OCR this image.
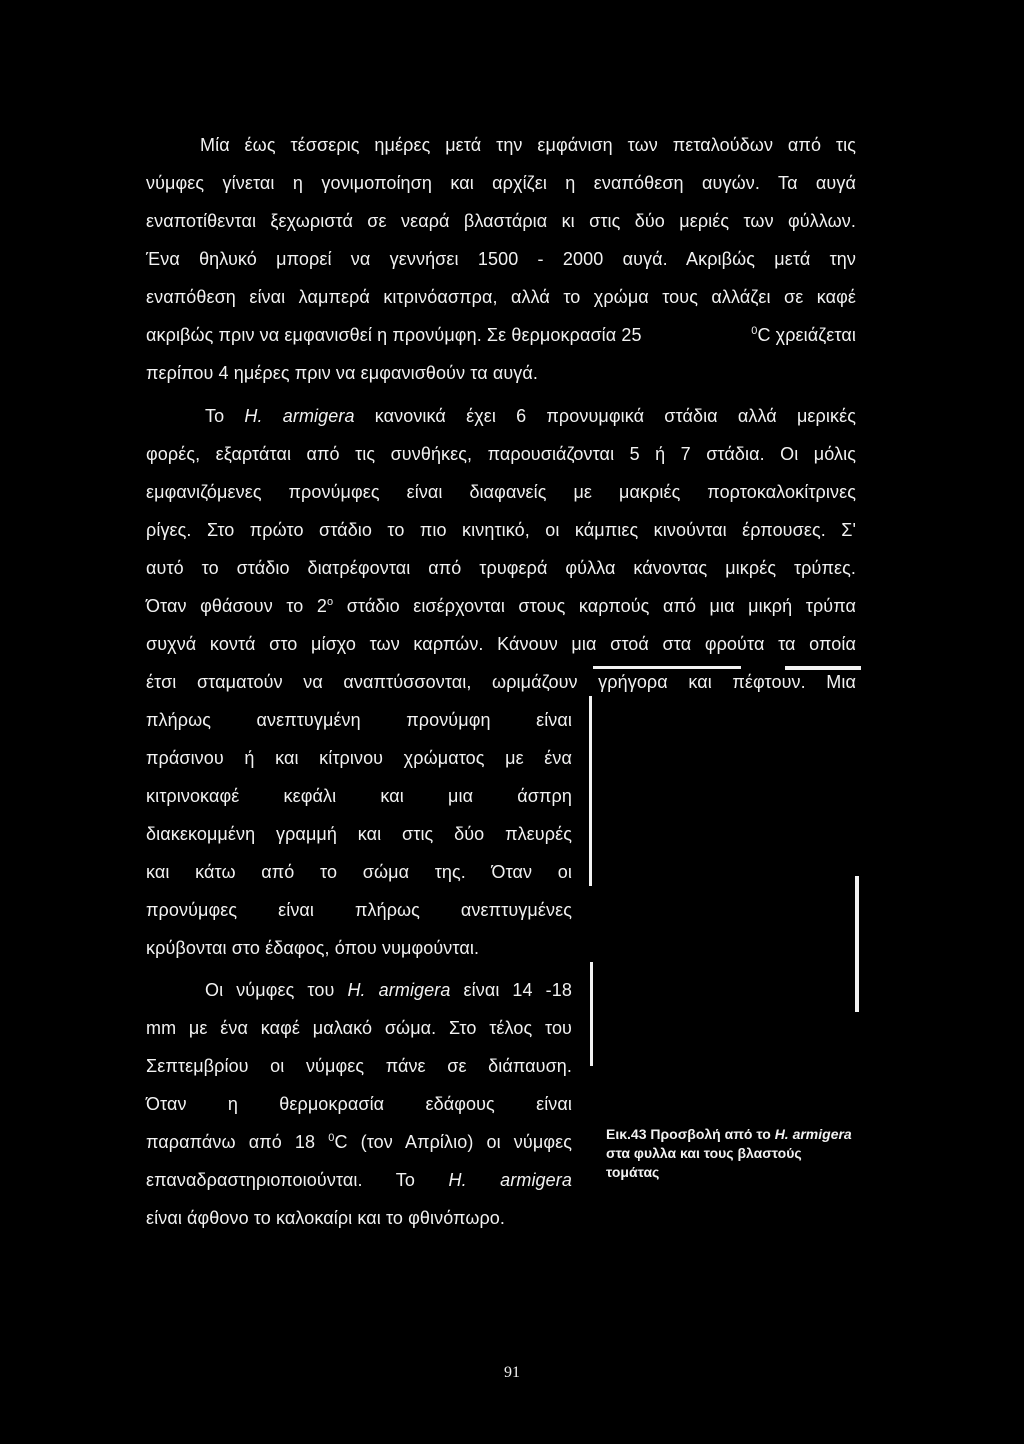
Μία έως τέσσερις ημέρες μετά την εμφάνιση των πεταλούδων από τις
νύμφες γίνεται η γονιμοποίηση και αρχίζει η εναπόθεση αυγών. Τα αυγά
εναποτίθενται ξεχωριστά σε νεαρά βλαστάρια κι στις δύο μεριές των φύλλων.
Ένα θηλυκό μπορεί να γεννήσει 1500 - 2000 αυγά. Ακριβώς μετά την
εναπόθεση είναι λαμπερά κιτρινόασπρα, αλλά το χρώμα τους αλλάζει σε καφέ
ακριβώς πριν να εμφανισθεί η προνύμφη. Σε θερμοκρασία 25	$^0$C χρειάζεται
περίπου 4 ημέρες πριν να εμφανισθούν τα αυγά.
Το H. armigera κανονικά έχει 6 προνυμφικά στάδια αλλά μερικές
φορές, εξαρτάται από τις συνθήκες, παρουσιάζονται 5 ή 7 στάδια. Οι μόλις
εμφανιζόμενες προνύμφες είναι διαφανείς με μακριές πορτοκαλοκίτρινες
ρίγες. Στο πρώτο στάδιο το πιο κινητικό, οι κάμπιες κινούνται έρπουσες. Σ'
αυτό το στάδιο διατρέφονται από τρυφερά φύλλα κάνοντας μικρές τρύπες.
Όταν φθάσουν το $2^o$ στάδιο εισέρχονται στους καρπούς από μια μικρή τρύπα
συχνά κοντά στο μίσχο των καρπών. Κάνουν μια στοά στα φρούτα τα οποία
έτσι σταματούν να αναπτύσσονται, ωριμάζουν γρήγορα και πέφτουν. Μια
πλήρως ανεπτυγμένη προνύμφη είναι
πράσινου ή και κίτρινου χρώματος με ένα
κιτρινοκαφέ κεφάλι και μια άσπρη
διακεκομμένη γραμμή και στις δύο πλευρές
και κάτω από το σώμα της. Όταν οι
προνύμφες είναι πλήρως ανεπτυγμένες
κρύβονται στο έδαφος, όπου νυμφούνται.
Οι νύμφες του H. armigera είναι 14 -18
mm με ένα καφέ μαλακό σώμα. Στο τέλος του
Σεπτεμβρίου οι νύμφες πάνε σε διάπαυση.
Όταν η θερμοκρασία εδάφους είναι
παραπάνω από 18 $^0$C (τον Απρίλιο) οι νύμφες
επαναδραστηριοποιούνται. Το H. armigera
είναι άφθονο το καλοκαίρι και το φθινόπωρο.
Εικ.43 Προσβολή από το H. armigera στα φυλλα και τους βλαστούς τομάτας
91
